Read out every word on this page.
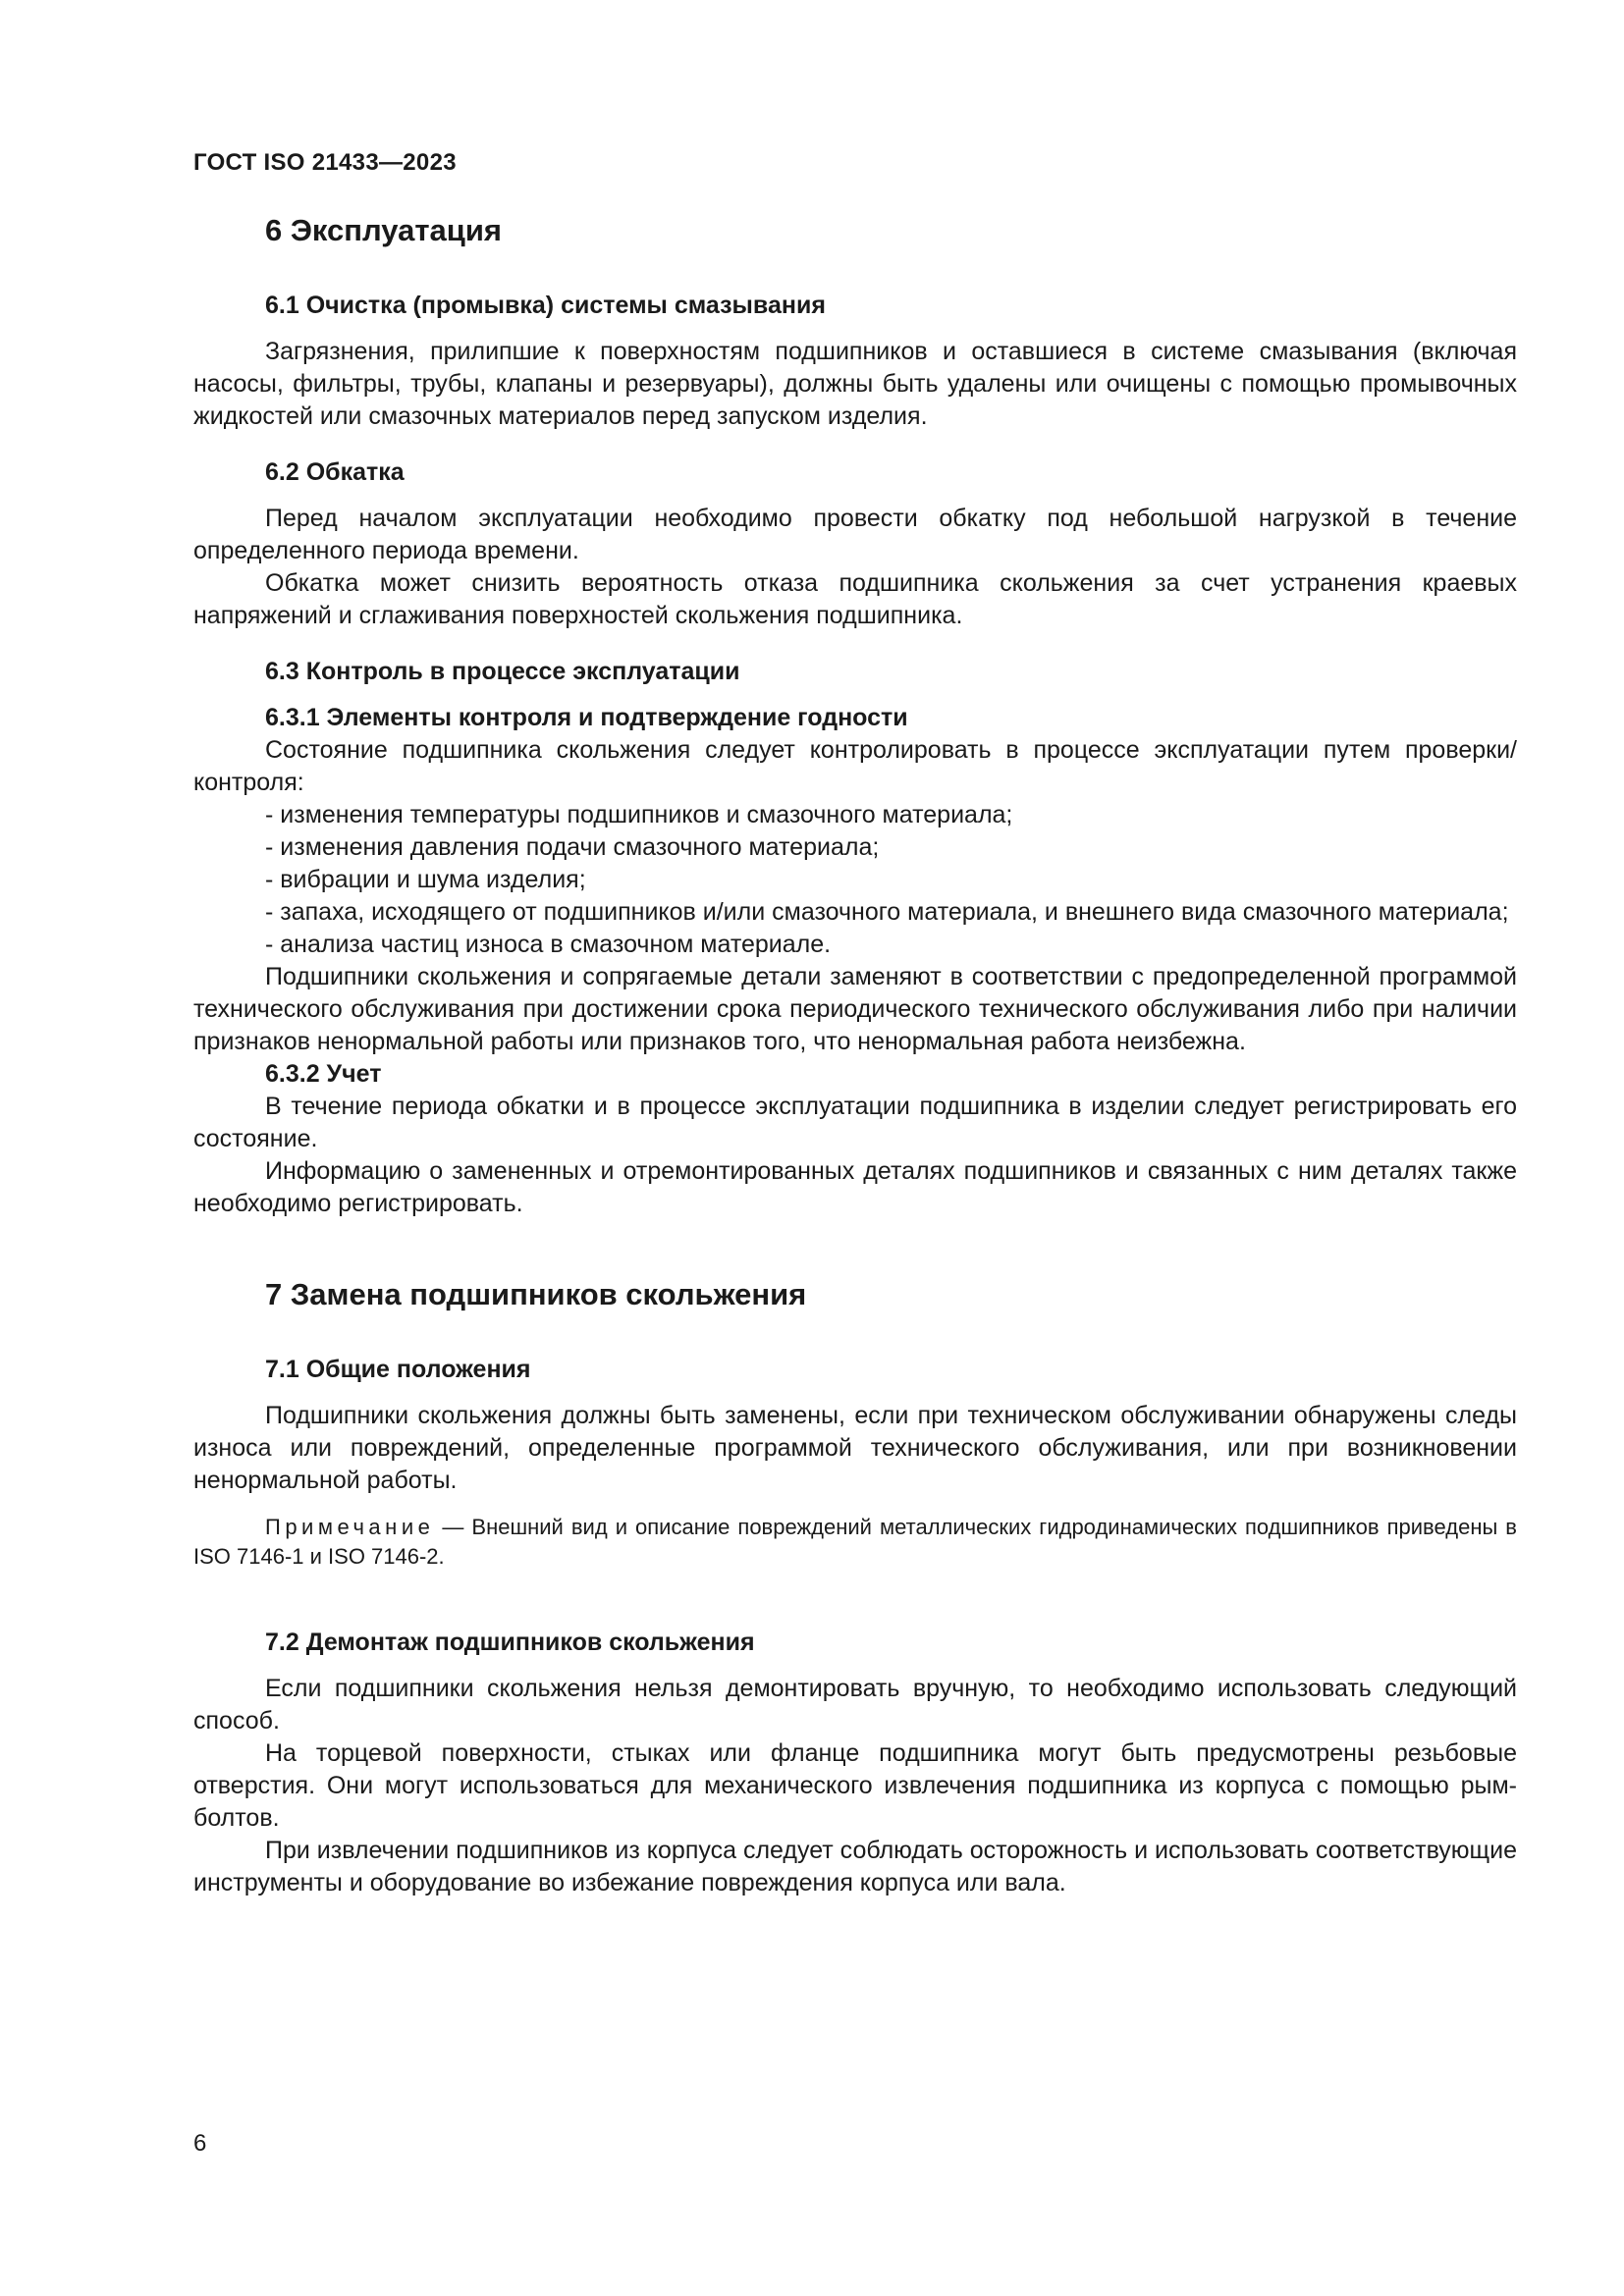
ГОСТ ISO 21433—2023
6 Эксплуатация
6.1 Очистка (промывка) системы смазывания

Загрязнения, прилипшие к поверхностям подшипников и оставшиеся в системе смазывания (включая насосы, фильтры, трубы, клапаны и резервуары), должны быть удалены или очищены с помощью промывочных жидкостей или смазочных материалов перед запуском изделия.

6.2 Обкатка

Перед началом эксплуатации необходимо провести обкатку под небольшой нагрузкой в течение определенного периода времени.

Обкатка может снизить вероятность отказа подшипника скольжения за счет устранения краевых напряжений и сглаживания поверхностей скольжения подшипника.

6.3 Контроль в процессе эксплуатации
6.3.1 Элементы контроля и подтверждение годности

Состояние подшипника скольжения следует контролировать в процессе эксплуатации путем проверки/контроля:

- изменения температуры подшипников и смазочного материала;

- изменения давления подачи смазочного материала;

- вибрации и шума изделия;

- запаха, исходящего от подшипников и/или смазочного материала, и внешнего вида смазочного материала;

- анализа частиц износа в смазочном материале.

Подшипники скольжения и сопрягаемые детали заменяют в соответствии с предопределенной программой технического обслуживания при достижении срока периодического технического обслуживания либо при наличии признаков ненормальной работы или признаков того, что ненормальная работа неизбежна.

6.3.2 Учет

В течение периода обкатки и в процессе эксплуатации подшипника в изделии следует регистрировать его состояние.

Информацию о замененных и отремонтированных деталях подшипников и связанных с ним деталях также необходимо регистрировать.

7 Замена подшипников скольжения
7.1 Общие положения

Подшипники скольжения должны быть заменены, если при техническом обслуживании обнаружены следы износа или повреждений, определенные программой технического обслуживания, или при возникновении ненормальной работы.

Примечание — Внешний вид и описание повреждений металлических гидродинамических подшипников приведены в ISO 7146-1 и ISO 7146-2.

7.2 Демонтаж подшипников скольжения

Если подшипники скольжения нельзя демонтировать вручную, то необходимо использовать следующий способ.

На торцевой поверхности, стыках или фланце подшипника могут быть предусмотрены резьбовые отверстия. Они могут использоваться для механического извлечения подшипника из корпуса с помощью рым-болтов.

При извлечении подшипников из корпуса следует соблюдать осторожность и использовать соответствующие инструменты и оборудование во избежание повреждения корпуса или вала.

6
